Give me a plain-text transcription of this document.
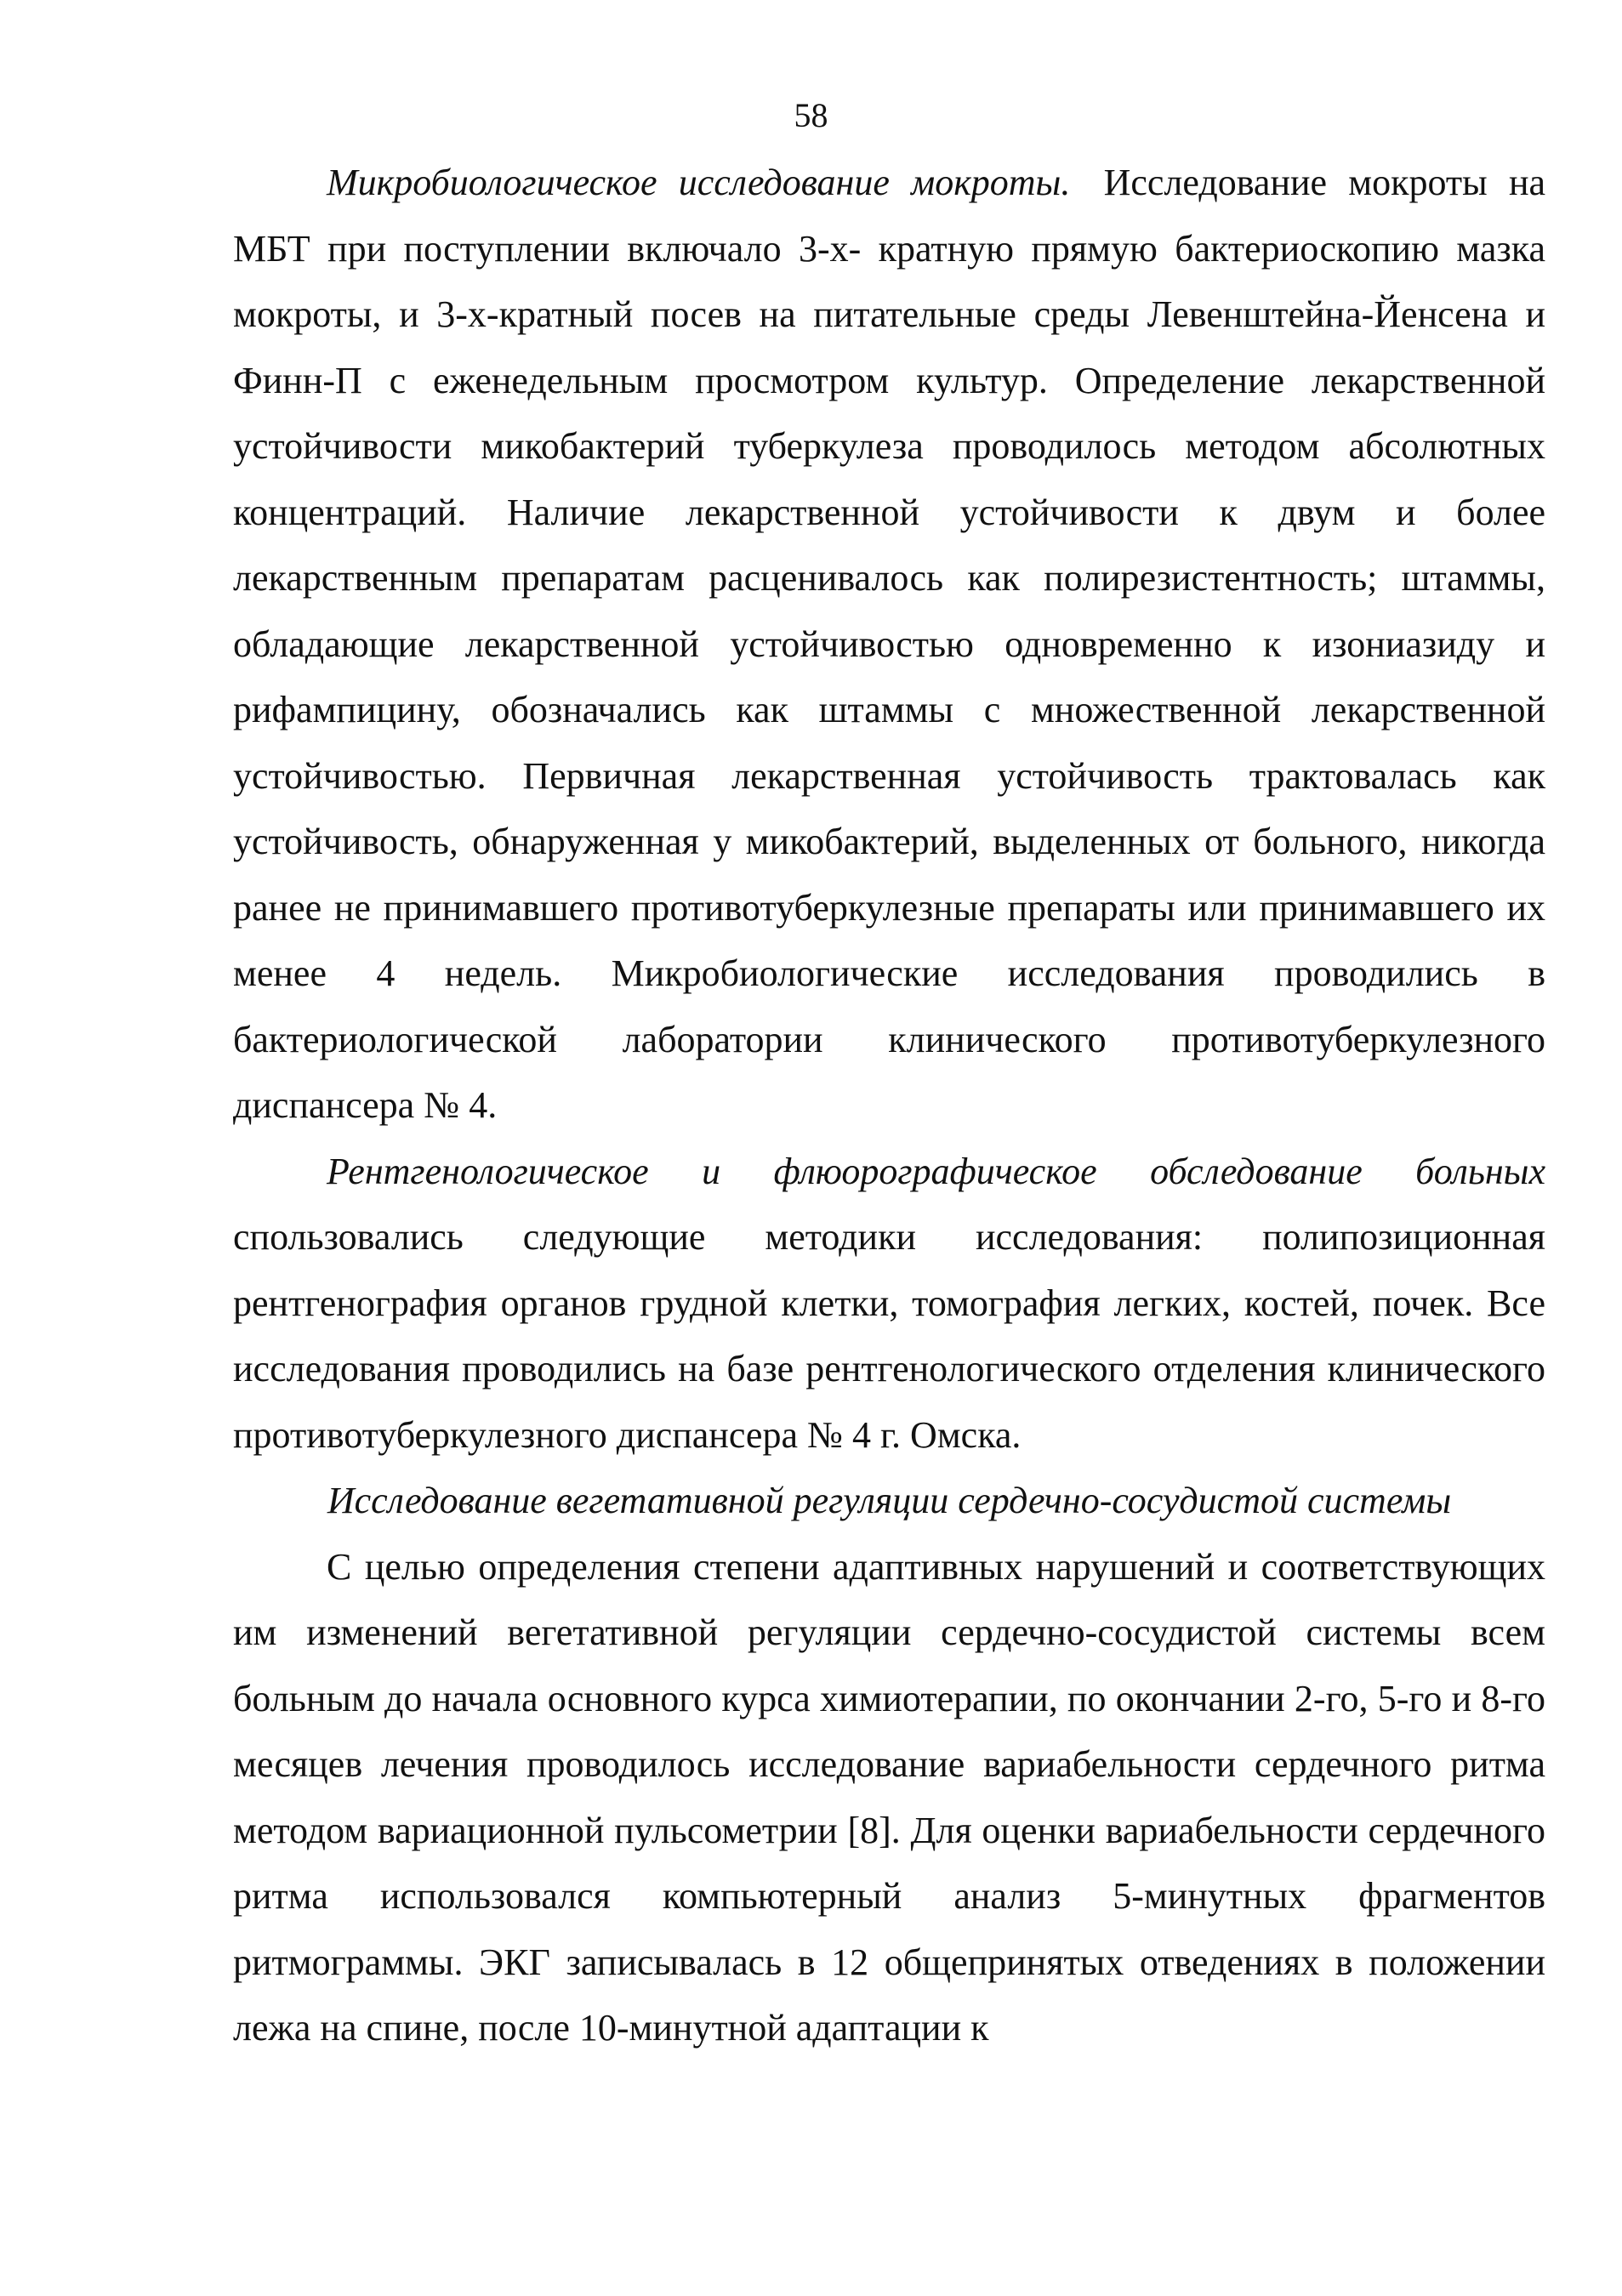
58

Микробиологическое исследование мокроты. Исследование мокроты на МБТ при поступлении включало 3-х- кратную прямую бактериоскопию мазка мокроты, и 3-х-кратный посев на питательные среды Левенштейна-Йенсена и Финн-П с еженедельным просмотром культур. Определение лекарственной устойчивости микобактерий туберкулеза проводилось методом абсолютных концентраций. Наличие лекарственной устойчивости к двум и более лекарственным препаратам расценивалось как полирезистентность; штаммы, обладающие лекарственной устойчивостью одновременно к изониазиду и рифампицину, обозначались как штаммы с множественной лекарственной устойчивостью. Первичная лекарственная устойчивость трактовалась как устойчивость, обнаруженная у микобактерий, выделенных от больного, никогда ранее не принимавшего противотуберкулезные препараты или принимавшего их менее 4 недель. Микробиологические исследования проводились в бактериологической лаборатории клинического противотуберкулезного диспансера № 4.

Рентгенологическое и флюорографическое обследование больных

спользовались следующие методики исследования: полипозиционная рентгенография органов грудной клетки, томография легких, костей, почек. Все исследования проводились на базе рентгенологического отделения клинического противотуберкулезного диспансера № 4 г. Омска.

Исследование вегетативной регуляции сердечно-сосудистой системы

С целью определения степени адаптивных нарушений и соответствующих им изменений вегетативной регуляции сердечно-сосудистой системы всем больным до начала основного курса химиотерапии, по окончании 2-го, 5-го и 8-го месяцев лечения проводилось исследование вариабельности сердечного ритма методом вариационной пульсометрии [8]. Для оценки вариабельности сердечного ритма использовался компьютерный анализ 5-минутных фрагментов ритмограммы. ЭКГ записывалась в 12 общепринятых отведениях в положении лежа на спине, после 10-минутной адаптации к
